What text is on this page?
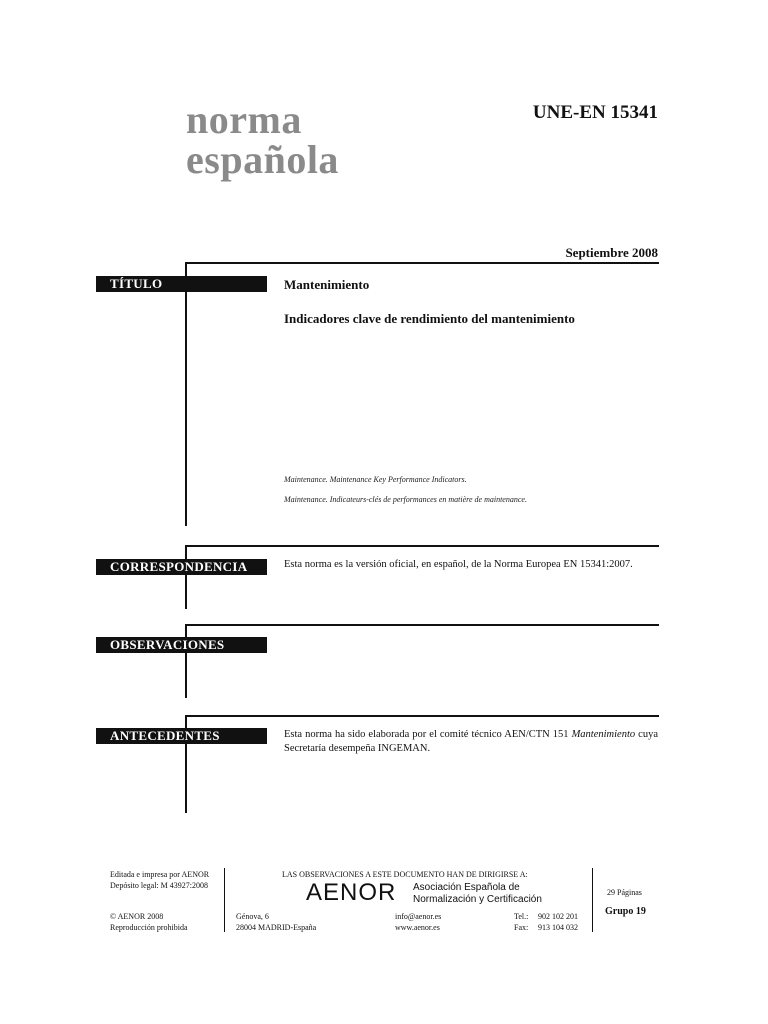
norma
española
UNE-EN 15341
Septiembre 2008
TÍTULO	Mantenimiento
Indicadores clave de rendimiento del mantenimiento
Maintenance. Maintenance Key Performance Indicators.
Maintenance. Indicateurs-clés de performances en matière de maintenance.
CORRESPONDENCIA	Esta norma es la versión oficial, en español, de la Norma Europea EN 15341:2007.
OBSERVACIONES
ANTECEDENTES	Esta norma ha sido elaborada por el comité técnico AEN/CTN 151 Mantenimiento cuya Secretaría desempeña INGEMAN.
Editada e impresa por AENOR
Depósito legal: M 43927:2008
© AENOR 2008
Reproducción prohibida
LAS OBSERVACIONES A ESTE DOCUMENTO HAN DE DIRIGIRSE A:
AENOR Asociación Española de
Normalización y Certificación
Génova, 6
28004 MADRID-España
info@aenor.es
www.aenor.es
Tel.: 902 102 201
Fax: 913 104 032
29 Páginas
Grupo 19
